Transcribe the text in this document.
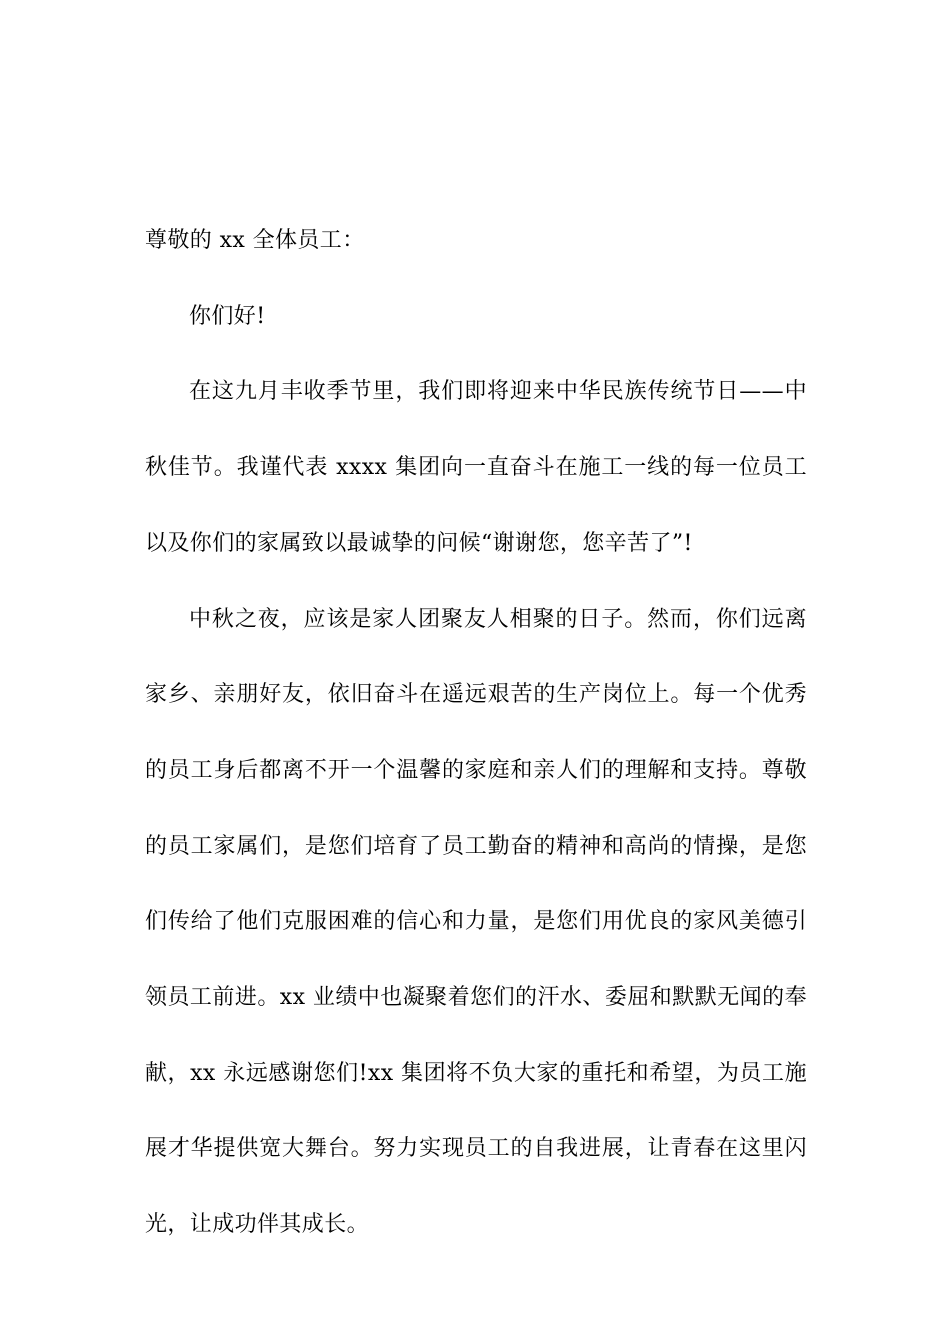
尊敬的 xx 全体员工：

你们好!

在这九月丰收季节里，我们即将迎来中华民族传统节日——中秋佳节。我谨代表 xxxx 集团向一直奋斗在施工一线的每一位员工以及你们的家属致以最诚挚的问候“谢谢您，您辛苦了”!

中秋之夜，应该是家人团聚友人相聚的日子。然而，你们远离家乡、亲朋好友，依旧奋斗在遥远艰苦的生产岗位上。每一个优秀的员工身后都离不开一个温馨的家庭和亲人们的理解和支持。尊敬的员工家属们，是您们培育了员工勤奋的精神和高尚的情操，是您们传给了他们克服困难的信心和力量，是您们用优良的家风美德引领员工前进。xx 业绩中也凝聚着您们的汗水、委屈和默默无闻的奉献，xx 永远感谢您们!xx 集团将不负大家的重托和希望，为员工施展才华提供宽大舞台。努力实现员工的自我进展，让青春在这里闪光，让成功伴其成长。
